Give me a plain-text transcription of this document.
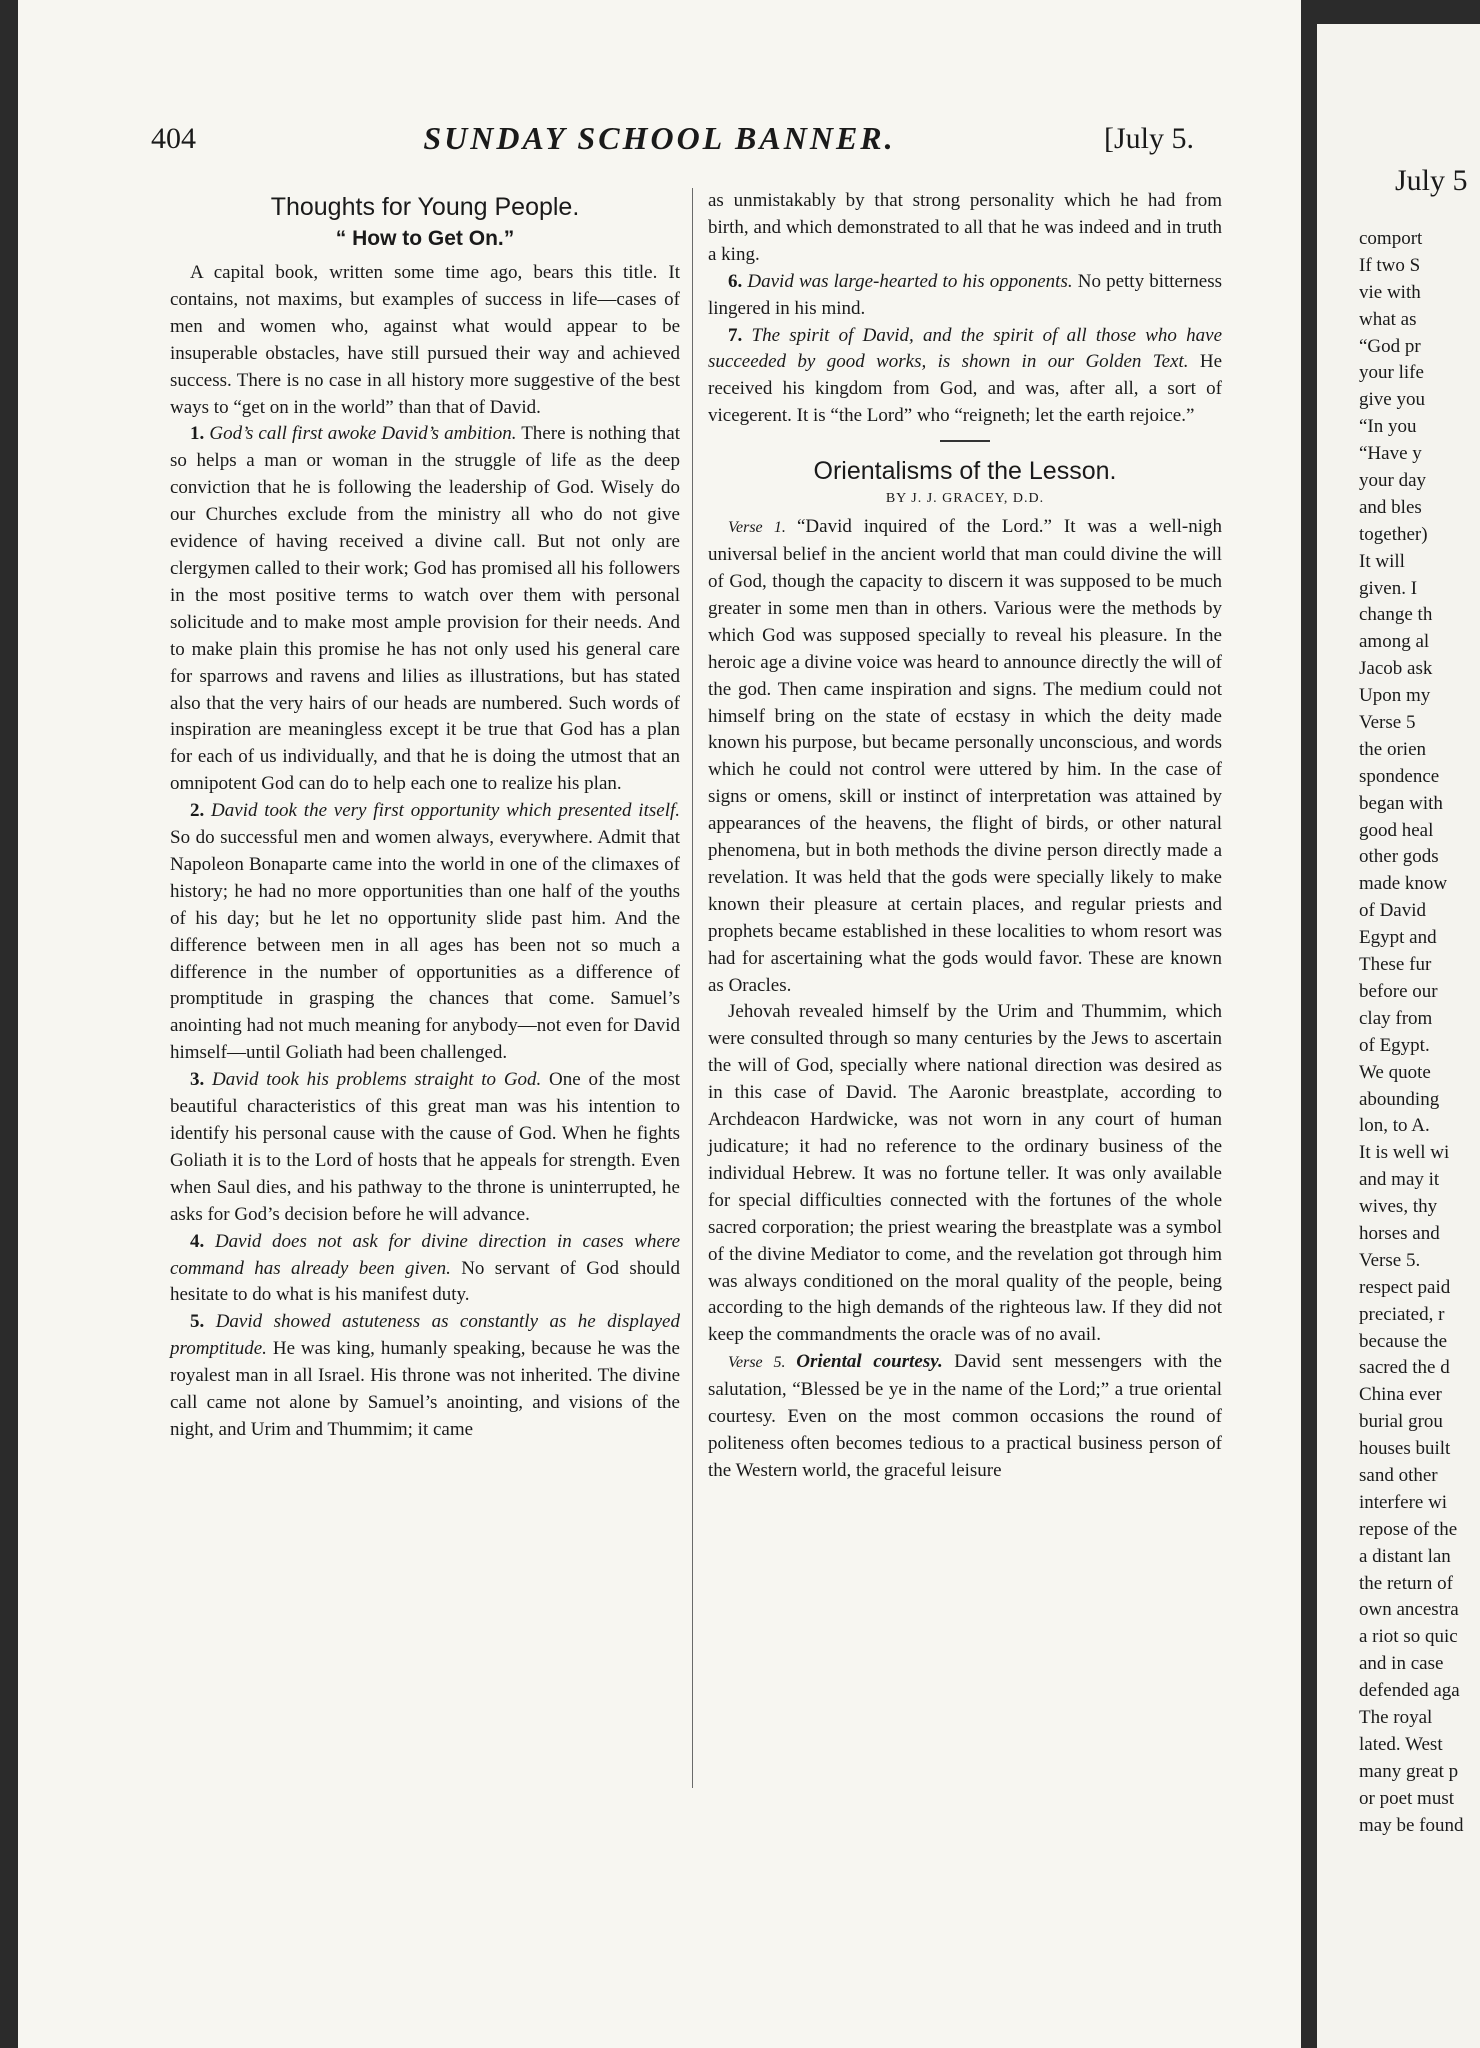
404	SUNDAY SCHOOL BANNER.	[July 5.
Thoughts for Young People.
“ How to Get On.”

A capital book, written some time ago, bears this title. It contains, not maxims, but examples of success in life—cases of men and women who, against what would appear to be insuperable obstacles, have still pursued their way and achieved success. There is no case in all history more suggestive of the best ways to “get on in the world” than that of David.

1. God’s call first awoke David’s ambition. There is nothing that so helps a man or woman in the struggle of life as the deep conviction that he is following the leadership of God. Wisely do our Churches exclude from the ministry all who do not give evidence of having received a divine call. But not only are clergymen called to their work; God has promised all his followers in the most positive terms to watch over them with personal solicitude and to make most ample provision for their needs. And to make plain this promise he has not only used his general care for sparrows and ravens and lilies as illustrations, but has stated also that the very hairs of our heads are numbered. Such words of inspiration are meaningless except it be true that God has a plan for each of us individually, and that he is doing the utmost that an omnipotent God can do to help each one to realize his plan.

2. David took the very first opportunity which presented itself. So do successful men and women always, everywhere. Admit that Napoleon Bonaparte came into the world in one of the climaxes of history; he had no more opportunities than one half of the youths of his day; but he let no opportunity slide past him. And the difference between men in all ages has been not so much a difference in the number of opportunities as a difference of promptitude in grasping the chances that come. Samuel’s anointing had not much meaning for anybody—not even for David himself—until Goliath had been challenged.

3. David took his problems straight to God. One of the most beautiful characteristics of this great man was his intention to identify his personal cause with the cause of God. When he fights Goliath it is to the Lord of hosts that he appeals for strength. Even when Saul dies, and his pathway to the throne is uninterrupted, he asks for God’s decision before he will advance.

4. David does not ask for divine direction in cases where command has already been given. No servant of God should hesitate to do what is his manifest duty.

5. David showed astuteness as constantly as he displayed promptitude. He was king, humanly speaking, because he was the royalest man in all Israel. His throne was not inherited. The divine call came not alone by Samuel’s anointing, and visions of the night, and Urim and Thummim; it came

as unmistakably by that strong personality which he had from birth, and which demonstrated to all that he was indeed and in truth a king.

6. David was large-hearted to his opponents. No petty bitterness lingered in his mind.

7. The spirit of David, and the spirit of all those who have succeeded by good works, is shown in our Golden Text. He received his kingdom from God, and was, after all, a sort of vicegerent. It is “the Lord” who “reigneth; let the earth rejoice.”

Orientalisms of the Lesson.
BY J. J. GRACEY, D.D.

Verse 1. “David inquired of the Lord.” It was a well-nigh universal belief in the ancient world that man could divine the will of God, though the capacity to discern it was supposed to be much greater in some men than in others. Various were the methods by which God was supposed specially to reveal his pleasure. In the heroic age a divine voice was heard to announce directly the will of the god. Then came inspiration and signs. The medium could not himself bring on the state of ecstasy in which the deity made known his purpose, but became personally unconscious, and words which he could not control were uttered by him. In the case of signs or omens, skill or instinct of interpretation was attained by appearances of the heavens, the flight of birds, or other natural phenomena, but in both methods the divine person directly made a revelation. It was held that the gods were specially likely to make known their pleasure at certain places, and regular priests and prophets became established in these localities to whom resort was had for ascertaining what the gods would favor. These are known as Oracles.

Jehovah revealed himself by the Urim and Thummim, which were consulted through so many centuries by the Jews to ascertain the will of God, specially where national direction was desired as in this case of David. The Aaronic breastplate, according to Archdeacon Hardwicke, was not worn in any court of human judicature; it had no reference to the ordinary business of the individual Hebrew. It was no fortune teller. It was only available for special difficulties connected with the fortunes of the whole sacred corporation; the priest wearing the breastplate was a symbol of the divine Mediator to come, and the revelation got through him was always conditioned on the moral quality of the people, being according to the high demands of the righteous law. If they did not keep the commandments the oracle was of no avail.

Verse 5. Oriental courtesy. David sent messengers with the salutation, “Blessed be ye in the name of the Lord;” a true oriental courtesy. Even on the most common occasions the round of politeness often becomes tedious to a practical business person of the Western world, the graceful leisure

July 5
comport
If two S
vie with
what as
“God pr
your life
give you
“In you
“Have y
your day
and bles
together)
It will
given. I
change th
among al
Jacob ask
Upon my
Verse 5
the orien
spondence
began with
good heal
other gods
made know
of David
Egypt and
These fur
before our
clay from
of Egypt.
We quote
abounding
lon, to A.
It is well wi
and may it
wives, thy
horses and
Verse 5.
respect paid
preciated, r
because the
sacred the d
China ever
burial grou
houses built
sand other
interfere wi
repose of the
a distant lan
the return of
own ancestra
a riot so quic
and in case
defended aga
The royal
lated. West
many great p
or poet must
may be found
